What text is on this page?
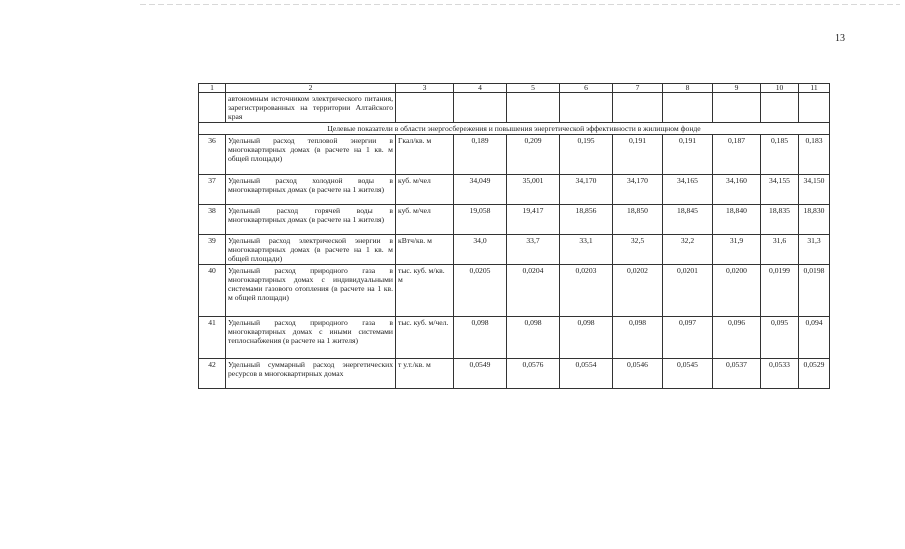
13
1	2	3	4	5	6	7	8	9	10	11
	автономным источником электрического питания, зарегистрированных на территории Алтайского края									
Целевые показатели в области энергосбережения и повышения энергетической эффективности в жилищном фонде										
36	Удельный расход тепловой энергии в многоквартирных домах (в расчете на 1 кв. м общей площади)	Гкал/кв. м	0,189	0,209	0,195	0,191	0,191	0,187	0,185	0,183
37	Удельный расход холодной воды в многоквартирных домах (в расчете на 1 жителя)	куб. м/чел	34,049	35,001	34,170	34,170	34,165	34,160	34,155	34,150
38	Удельный расход горячей воды в многоквартирных домах (в расчете на 1 жителя)	куб. м/чел	19,058	19,417	18,856	18,850	18,845	18,840	18,835	18,830
39	Удельный расход электрической энергии в многоквартирных домах (в расчете на 1 кв. м общей площади)	кВтч/кв. м	34,0	33,7	33,1	32,5	32,2	31,9	31,6	31,3
40	Удельный расход природного газа в многоквартирных домах с индивидуальными системами газового отопления (в расчете на 1 кв. м общей площади)	тыс. куб. м/кв. м	0,0205	0,0204	0,0203	0,0202	0,0201	0,0200	0,0199	0,0198
41	Удельный расход природного газа в многоквартирных домах с иными системами теплоснабжения (в расчете на 1 жителя)	тыс. куб. м/чел.	0,098	0,098	0,098	0,098	0,097	0,096	0,095	0,094
42	Удельный суммарный расход энергетических ресурсов в многоквартирных домах	т у.т./кв. м	0,0549	0,0576	0,0554	0,0546	0,0545	0,0537	0,0533	0,0529
